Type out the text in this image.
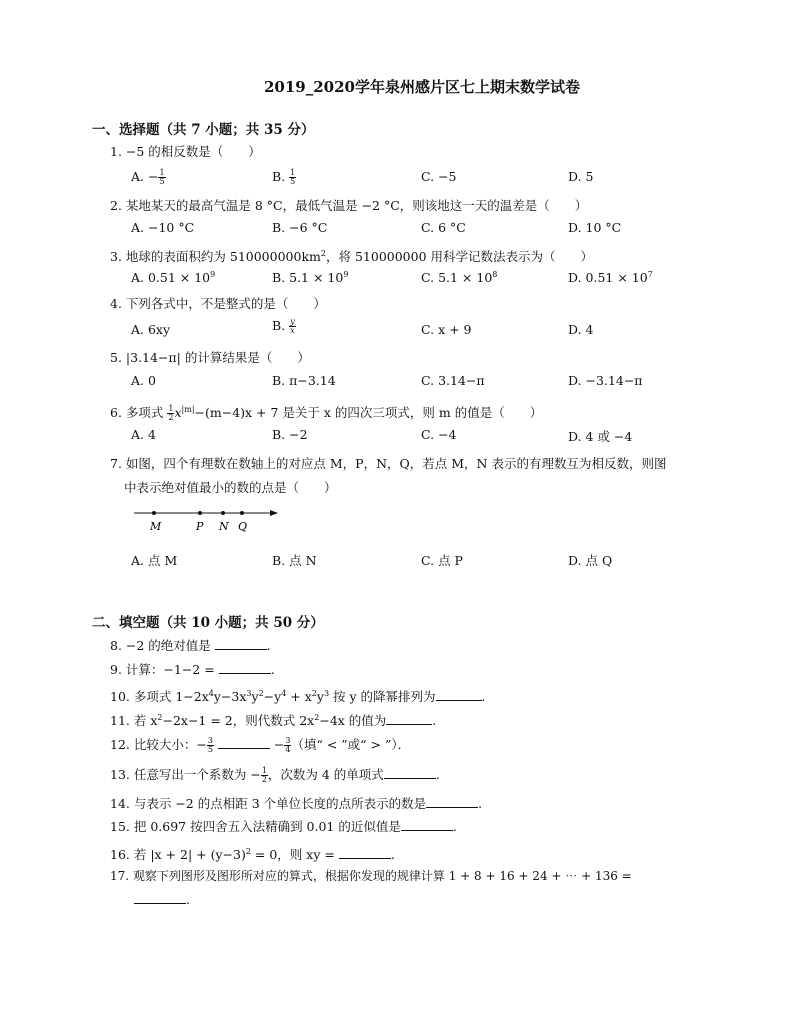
2019_2020学年泉州感片区七上期末数学试卷
一、选择题（共 7 小题；共 35 分）
1. −5 的相反数是（　　）
A. − $\frac{1}{5}$	B. $\frac{1}{5}$	C. −5	D. 5
2. 某地某天的最高气温是 8 °C，最低气温是 −2 °C，则该地这一天的温差是（　　）
A. −10 °C	B. −6 °C	C. 6 °C	D. 10 °C
3. 地球的表面积约为 $510000000km^2$，将 510000000 用科学记数法表示为（　　）
A. $0.51 \times 10^9$	B. $5.1 \times 10^9$	C. $5.1 \times 10^8$	D. $0.51 \times 10^7$
4. 下列各式中，不是整式的是（　　）
A. 6xy	B. $\frac{y}{x}$	C. x + 9	D. 4
5. |3.14−π| 的计算结果是（　　）
A. 0	B. π−3.14	C. 3.14−π	D. −3.14−π
6. 多项式 $\frac{1}{2} x^{|m|}-(m-4)x + 7$ 是关于 x 的四次三项式，则 m 的值是（　　）
A. 4	B. −2	C. −4	D. 4 或 −4
7. 如图，四个有理数在数轴上的对应点 M，P，N，Q，若点 M，N 表示的有理数互为相反数，则图
中表示绝对值最小的数的点是（　　）
M	P N Q
A. 点 M	B. 点 N	C. 点 P	D. 点 Q
二、填空题（共 10 小题；共 50 分）
8. −2 的绝对值是	.
9. 计算：−1−2 =	.
10. 多项式 $1-2x^4y-3x^3y^2-y^4 + x^2y^3$ 按 y 的降幂排列为	.
11. 若 $x^2-2x-1 = 2$，则代数式 $2x^2-4x$ 的值为	.
12. 比较大小：− $\frac{3}{5}$	− $\frac{3}{4}$ （填“ < ”或“ > ”）．
13. 任意写出一个系数为 − $\frac{1}{2}$ ，次数为 4 的单项式	.
14. 与表示 −2 的点相距 3 个单位长度的点所表示的数是	.
15. 把 0.697 按四舍五入法精确到 0.01 的近似值是	.
16. 若 $|x + 2| + (y-3)^2 = 0$，则 xy =	.
17. 观察下列图形及图形所对应的算式，根据你发现的规律计算 1 + 8 + 16 + 24 + ⋯ + 136 =
.
